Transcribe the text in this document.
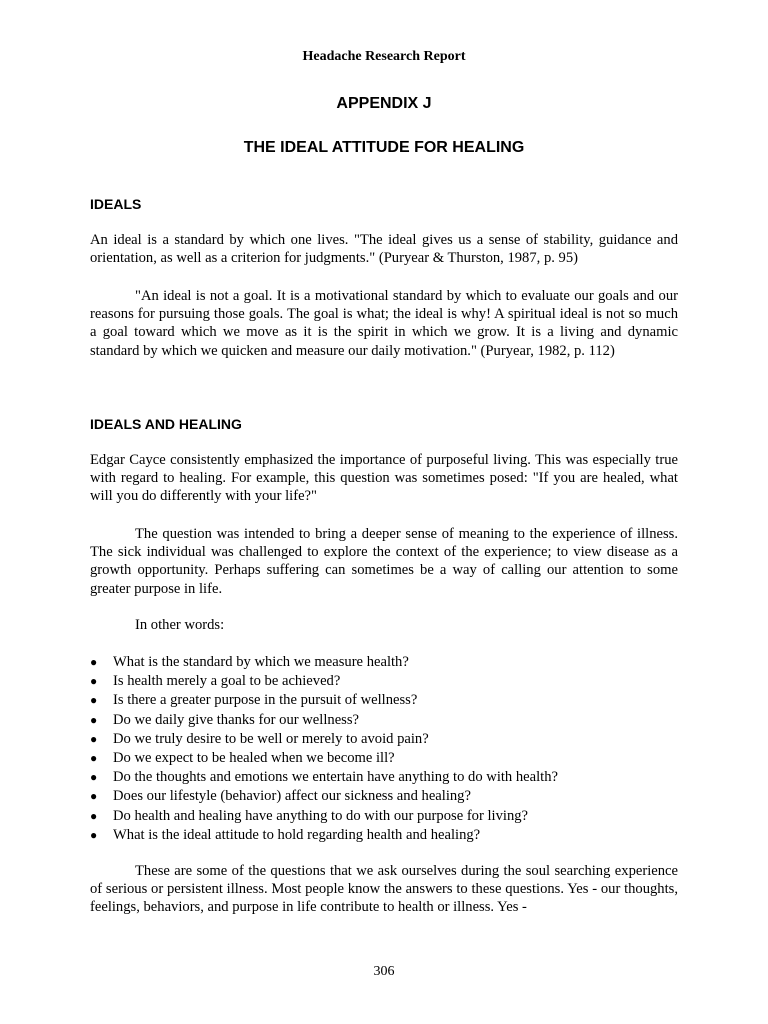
Headache Research Report
APPENDIX J
THE IDEAL ATTITUDE FOR HEALING
IDEALS

An ideal is a standard by which one lives. "The ideal gives us a sense of stability, guidance and orientation, as well as a criterion for judgments." (Puryear & Thurston, 1987, p. 95)

"An ideal is not a goal. It is a motivational standard by which to evaluate our goals and our reasons for pursuing those goals. The goal is what; the ideal is why! A spiritual ideal is not so much a goal toward which we move as it is the spirit in which we grow. It is a living and dynamic standard by which we quicken and measure our daily motivation." (Puryear, 1982, p. 112)

IDEALS AND HEALING

Edgar Cayce consistently emphasized the importance of purposeful living. This was especially true with regard to healing. For example, this question was sometimes posed: "If you are healed, what will you do differently with your life?"

The question was intended to bring a deeper sense of meaning to the experience of illness. The sick individual was challenged to explore the context of the experience; to view disease as a growth opportunity. Perhaps suffering can sometimes be a way of calling our attention to some greater purpose in life.

In other words:

● What is the standard by which we measure health?
● Is health merely a goal to be achieved?
● Is there a greater purpose in the pursuit of wellness?
● Do we daily give thanks for our wellness?
● Do we truly desire to be well or merely to avoid pain?
● Do we expect to be healed when we become ill?
● Do the thoughts and emotions we entertain have anything to do with health?
● Does our lifestyle (behavior) affect our sickness and healing?
● Do health and healing have anything to do with our purpose for living?
● What is the ideal attitude to hold regarding health and healing?

These are some of the questions that we ask ourselves during the soul searching experience of serious or persistent illness. Most people know the answers to these questions. Yes - our thoughts, feelings, behaviors, and purpose in life contribute to health or illness. Yes -

306
